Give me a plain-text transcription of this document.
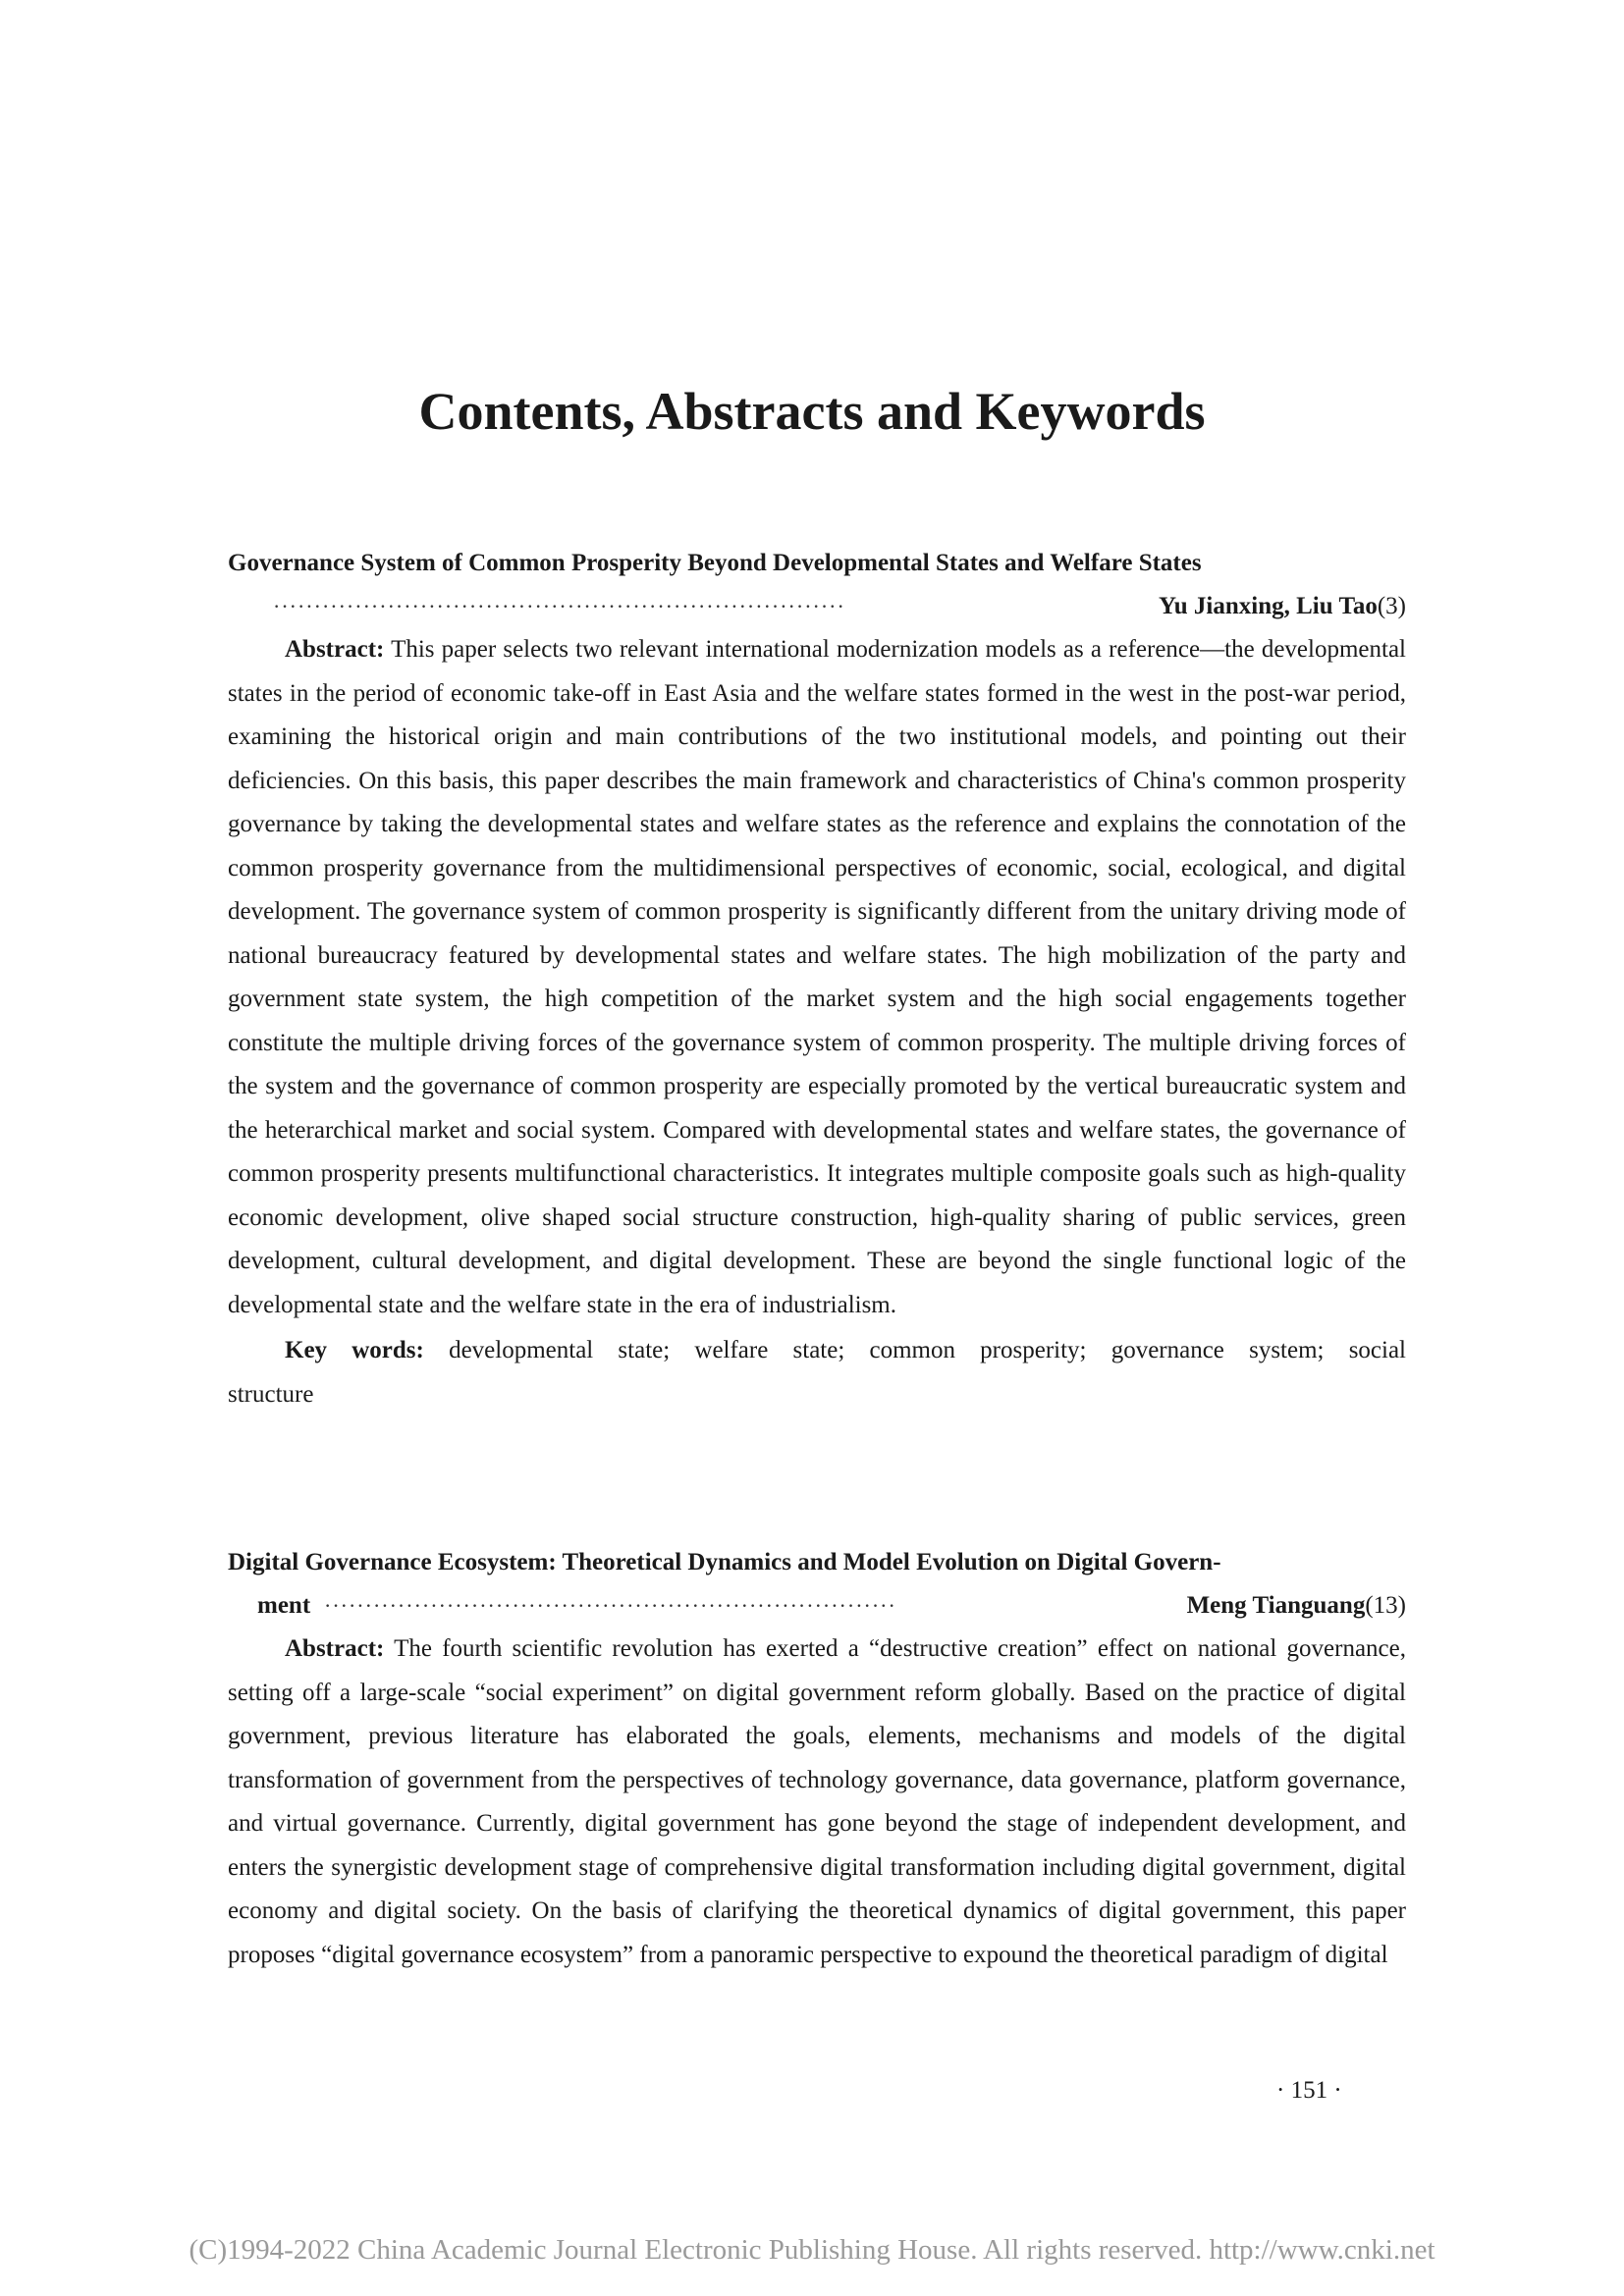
Contents, Abstracts and Keywords

Governance System of Common Prosperity Beyond Developmental States and Welfare States

······································································	Yu Jianxing, Liu Tao(3)

Abstract: This paper selects two relevant international modernization models as a reference—the developmental states in the period of economic take-off in East Asia and the welfare states formed in the west in the post-war period, examining the historical origin and main contributions of the two institutional models, and pointing out their deficiencies. On this basis, this paper describes the main framework and characteristics of China's common prosperity governance by taking the developmental states and welfare states as the reference and explains the connotation of the common prosperity governance from the multidimensional perspectives of economic, social, ecological, and digital development. The governance system of common prosperity is significantly different from the unitary driving mode of national bureaucracy featured by developmental states and welfare states. The high mobilization of the party and government state system, the high competition of the market system and the high social engagements together constitute the multiple driving forces of the governance system of common prosperity. The multiple driving forces of the system and the governance of common prosperity are especially promoted by the vertical bureaucratic system and the heterarchical market and social system. Compared with developmental states and welfare states, the governance of common prosperity presents multifunctional characteristics. It integrates multiple composite goals such as high-quality economic development, olive shaped social structure construction, high-quality sharing of public services, green development, cultural development, and digital development. These are beyond the single functional logic of the developmental state and the welfare state in the era of industrialism.

Key words: developmental state; welfare state; common prosperity; governance system; social structure

Digital Governance Ecosystem: Theoretical Dynamics and Model Evolution on Digital Govern-

ment ······································································	Meng Tianguang(13)

Abstract: The fourth scientific revolution has exerted a “destructive creation” effect on national governance, setting off a large-scale “social experiment” on digital government reform globally. Based on the practice of digital government, previous literature has elaborated the goals, elements, mechanisms and models of the digital transformation of government from the perspectives of technology governance, data governance, platform governance, and virtual governance. Currently, digital government has gone beyond the stage of independent development, and enters the synergistic development stage of comprehensive digital transformation including digital government, digital economy and digital society. On the basis of clarifying the theoretical dynamics of digital government, this paper proposes “digital governance ecosystem” from a panoramic perspective to expound the theoretical paradigm of digital

· 151 ·
(C)1994-2022 China Academic Journal Electronic Publishing House. All rights reserved. http://www.cnki.net
